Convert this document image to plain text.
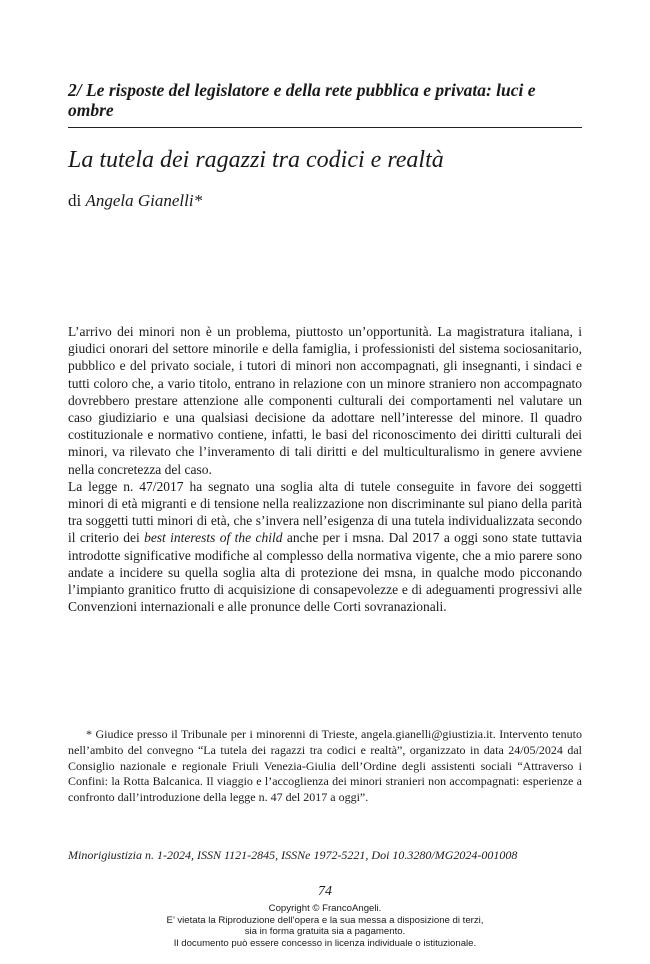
2/ Le risposte del legislatore e della rete pubblica e privata: luci e ombre
La tutela dei ragazzi tra codici e realtà
di Angela Gianelli*

L’arrivo dei minori non è un problema, piuttosto un’opportunità. La magistratura italiana, i giudici onorari del settore minorile e della famiglia, i professionisti del sistema sociosanitario, pubblico e del privato sociale, i tutori di minori non accompagnati, gli insegnanti, i sindaci e tutti coloro che, a vario titolo, entrano in relazione con un minore straniero non accompagnato dovrebbero prestare attenzione alle componenti culturali dei comportamenti nel valutare un caso giudiziario e una qualsiasi decisione da adottare nell’interesse del minore. Il quadro costituzionale e normativo contiene, infatti, le basi del riconoscimento dei diritti culturali dei minori, va rilevato che l’inveramento di tali diritti e del multiculturalismo in genere avviene nella concretezza del caso.

La legge n. 47/2017 ha segnato una soglia alta di tutele conseguite in favore dei soggetti minori di età migranti e di tensione nella realizzazione non discriminante sul piano della parità tra soggetti tutti minori di età, che s’invera nell’esigenza di una tutela individualizzata secondo il criterio dei best interests of the child anche per i msna. Dal 2017 a oggi sono state tuttavia introdotte significative modifiche al complesso della normativa vigente, che a mio parere sono andate a incidere su quella soglia alta di protezione dei msna, in qualche modo picconando l’impianto granitico frutto di acquisizione di consapevolezze e di adeguamenti progressivi alle Convenzioni internazionali e alle pronunce delle Corti sovranazionali.

* Giudice presso il Tribunale per i minorenni di Trieste, angela.gianelli@giustizia.it. Intervento tenuto nell’ambito del convegno “La tutela dei ragazzi tra codici e realtà”, organizzato in data 24/05/2024 dal Consiglio nazionale e regionale Friuli Venezia-Giulia dell’Ordine degli assistenti sociali “Attraverso i Confini: la Rotta Balcanica. Il viaggio e l’accoglienza dei minori stranieri non accompagnati: esperienze a confronto dall’introduzione della legge n. 47 del 2017 a oggi”.
Minorigiustizia n. 1-2024, ISSN 1121-2845, ISSNe 1972-5221, Doi 10.3280/MG2024-001008
74
Copyright © FrancoAngeli.
E’ vietata la Riproduzione dell’opera e la sua messa a disposizione di terzi,
sia in forma gratuita sia a pagamento.
Il documento può essere concesso in licenza individuale o istituzionale.
